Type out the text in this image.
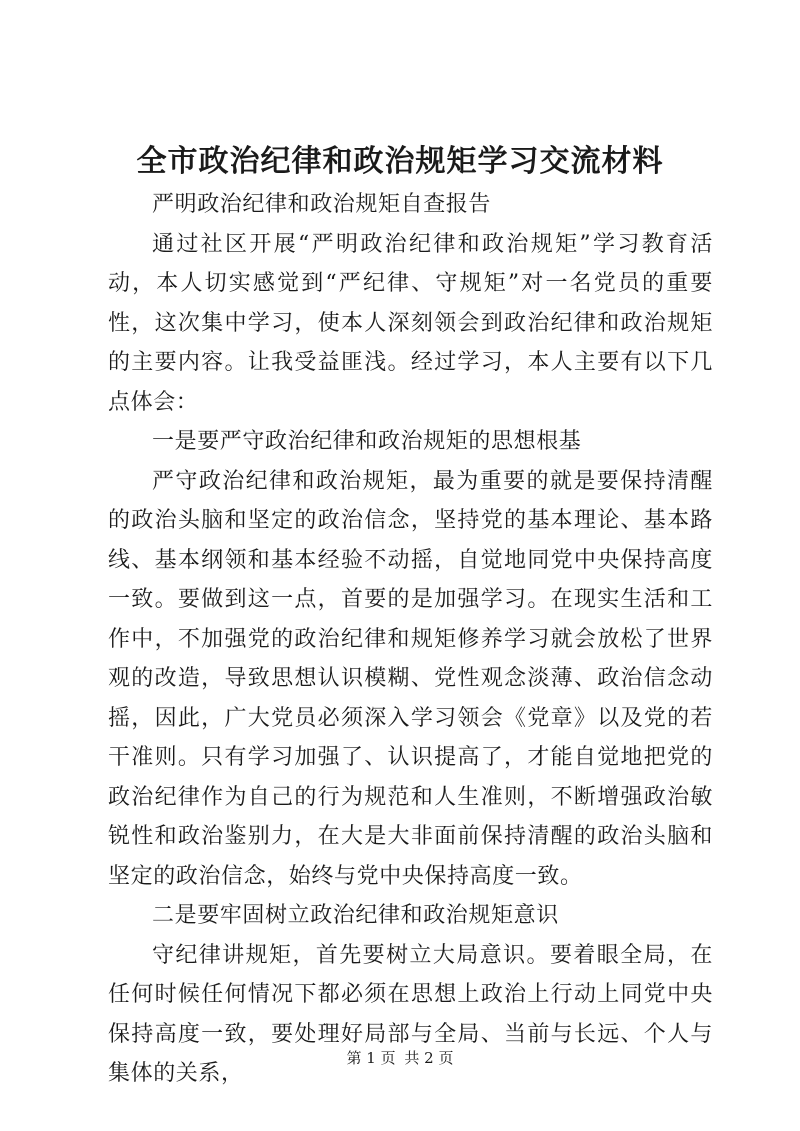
全市政治纪律和政治规矩学习交流材料

严明政治纪律和政治规矩自查报告

通过社区开展“严明政治纪律和政治规矩”学习教育活动，本人切实感觉到“严纪律、守规矩”对一名党员的重要性，这次集中学习，使本人深刻领会到政治纪律和政治规矩的主要内容。让我受益匪浅。经过学习，本人主要有以下几点体会：

一是要严守政治纪律和政治规矩的思想根基

严守政治纪律和政治规矩，最为重要的就是要保持清醒的政治头脑和坚定的政治信念，坚持党的基本理论、基本路线、基本纲领和基本经验不动摇，自觉地同党中央保持高度一致。要做到这一点，首要的是加强学习。在现实生活和工作中，不加强党的政治纪律和规矩修养学习就会放松了世界观的改造，导致思想认识模糊、党性观念淡薄、政治信念动摇，因此，广大党员必须深入学习领会《党章》以及党的若干准则。只有学习加强了、认识提高了，才能自觉地把党的政治纪律作为自己的行为规范和人生准则，不断增强政治敏锐性和政治鉴别力，在大是大非面前保持清醒的政治头脑和坚定的政治信念，始终与党中央保持高度一致。

二是要牢固树立政治纪律和政治规矩意识

守纪律讲规矩，首先要树立大局意识。要着眼全局，在任何时候任何情况下都必须在思想上政治上行动上同党中央保持高度一致，要处理好局部与全局、当前与长远、个人与集体的关系，

第 1 页 共 2 页
